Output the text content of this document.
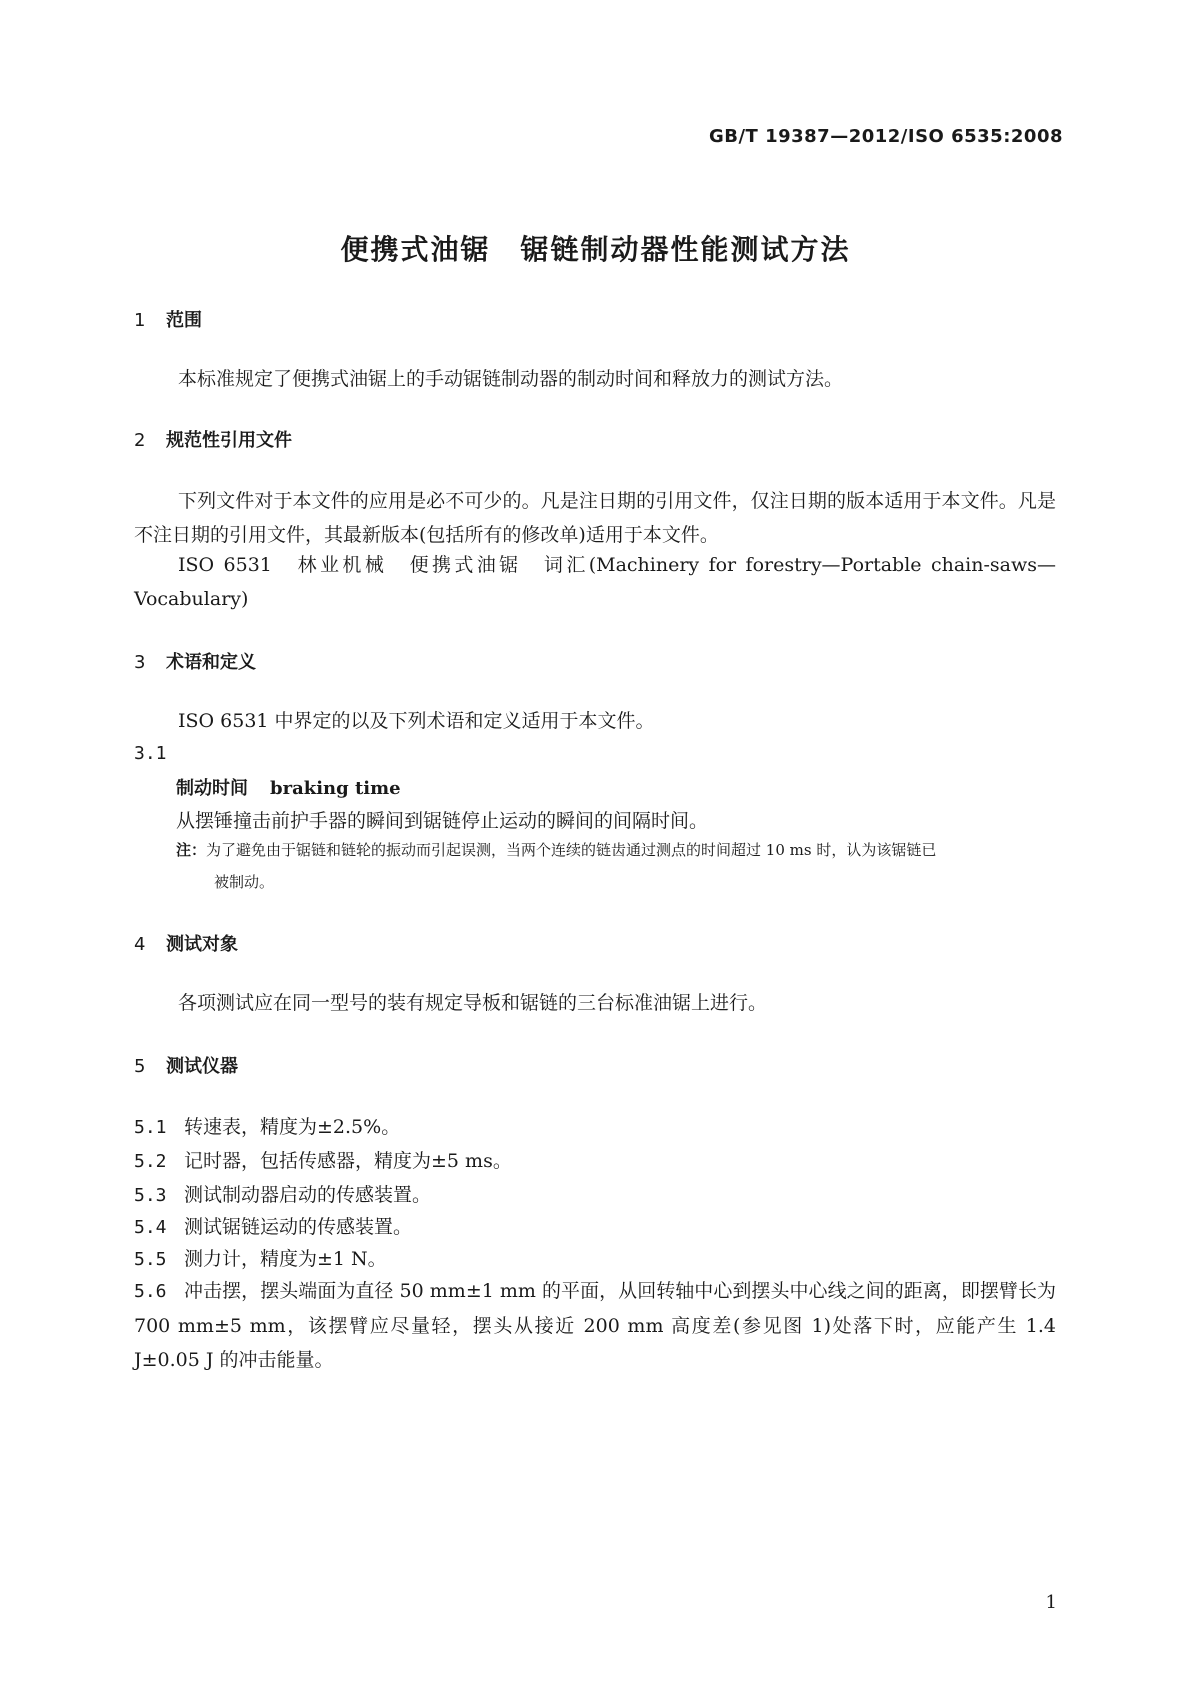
GB/T 19387—2012/ISO 6535:2008
便携式油锯　锯链制动器性能测试方法
1 范围
本标准规定了便携式油锯上的手动锯链制动器的制动时间和释放力的测试方法。
2 规范性引用文件
下列文件对于本文件的应用是必不可少的。凡是注日期的引用文件，仅注日期的版本适用于本文件。凡是不注日期的引用文件，其最新版本(包括所有的修改单)适用于本文件。
ISO 6531　林业机械　便携式油锯　词汇(Machinery for forestry—Portable chain-saws—Vocabulary)
3 术语和定义
ISO 6531 中界定的以及下列术语和定义适用于本文件。
3.1
制动时间 braking time
从摆锤撞击前护手器的瞬间到锯链停止运动的瞬间的间隔时间。
注：为了避免由于锯链和链轮的振动而引起误测，当两个连续的链齿通过测点的时间超过 10 ms 时，认为该锯链已
被制动。
4 测试对象
各项测试应在同一型号的装有规定导板和锯链的三台标准油锯上进行。
5 测试仪器
5.1 转速表，精度为±2.5%。
5.2 记时器，包括传感器，精度为±5 ms。
5.3 测试制动器启动的传感装置。
5.4 测试锯链运动的传感装置。
5.5 测力计，精度为±1 N。
5.6 冲击摆，摆头端面为直径 50 mm±1 mm 的平面，从回转轴中心到摆头中心线之间的距离，即摆臂长为 700 mm±5 mm，该摆臂应尽量轻，摆头从接近 200 mm 高度差(参见图 1)处落下时，应能产生 1.4 J±0.05 J 的冲击能量。
1
